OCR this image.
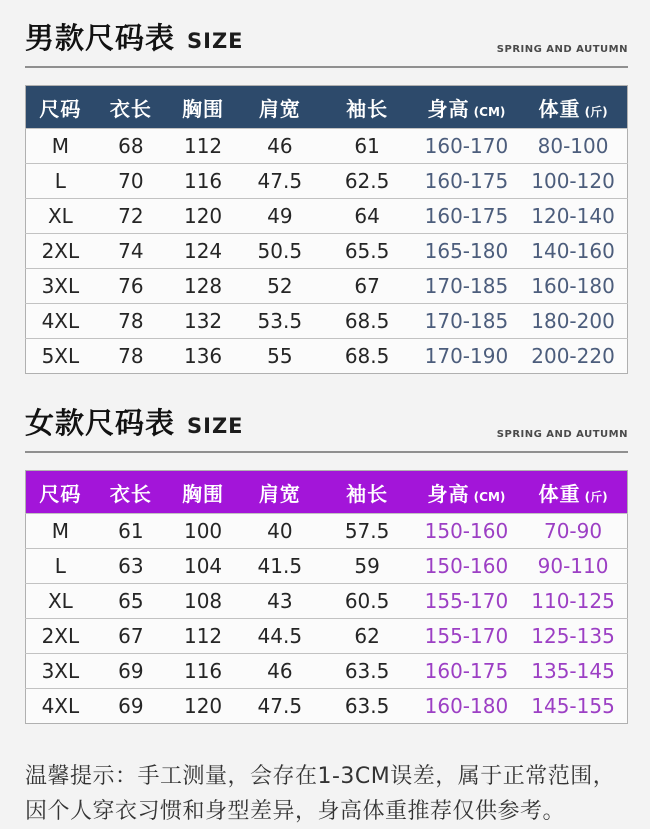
男款尺码表 SIZE	SPRING AND AUTUMN
尺码	衣长	胸围	肩宽	袖长	身高 (CM)	体重 (斤)
M	68	112	46	61	160-170	80-100
L	70	116	47.5	62.5	160-175	100-120
XL	72	120	49	64	160-175	120-140
2XL	74	124	50.5	65.5	165-180	140-160
3XL	76	128	52	67	170-185	160-180
4XL	78	132	53.5	68.5	170-185	180-200
5XL	78	136	55	68.5	170-190	200-220
女款尺码表 SIZE	SPRING AND AUTUMN
尺码	衣长	胸围	肩宽	袖长	身高 (CM)	体重 (斤)
M	61	100	40	57.5	150-160	70-90
L	63	104	41.5	59	150-160	90-110
XL	65	108	43	60.5	155-170	110-125
2XL	67	112	44.5	62	155-170	125-135
3XL	69	116	46	63.5	160-175	135-145
4XL	69	120	47.5	63.5	160-180	145-155

温馨提示：手工测量，会存在1-3CM误差，属于正常范围，因个人穿衣习惯和身型差异，身高体重推荐仅供参考。
